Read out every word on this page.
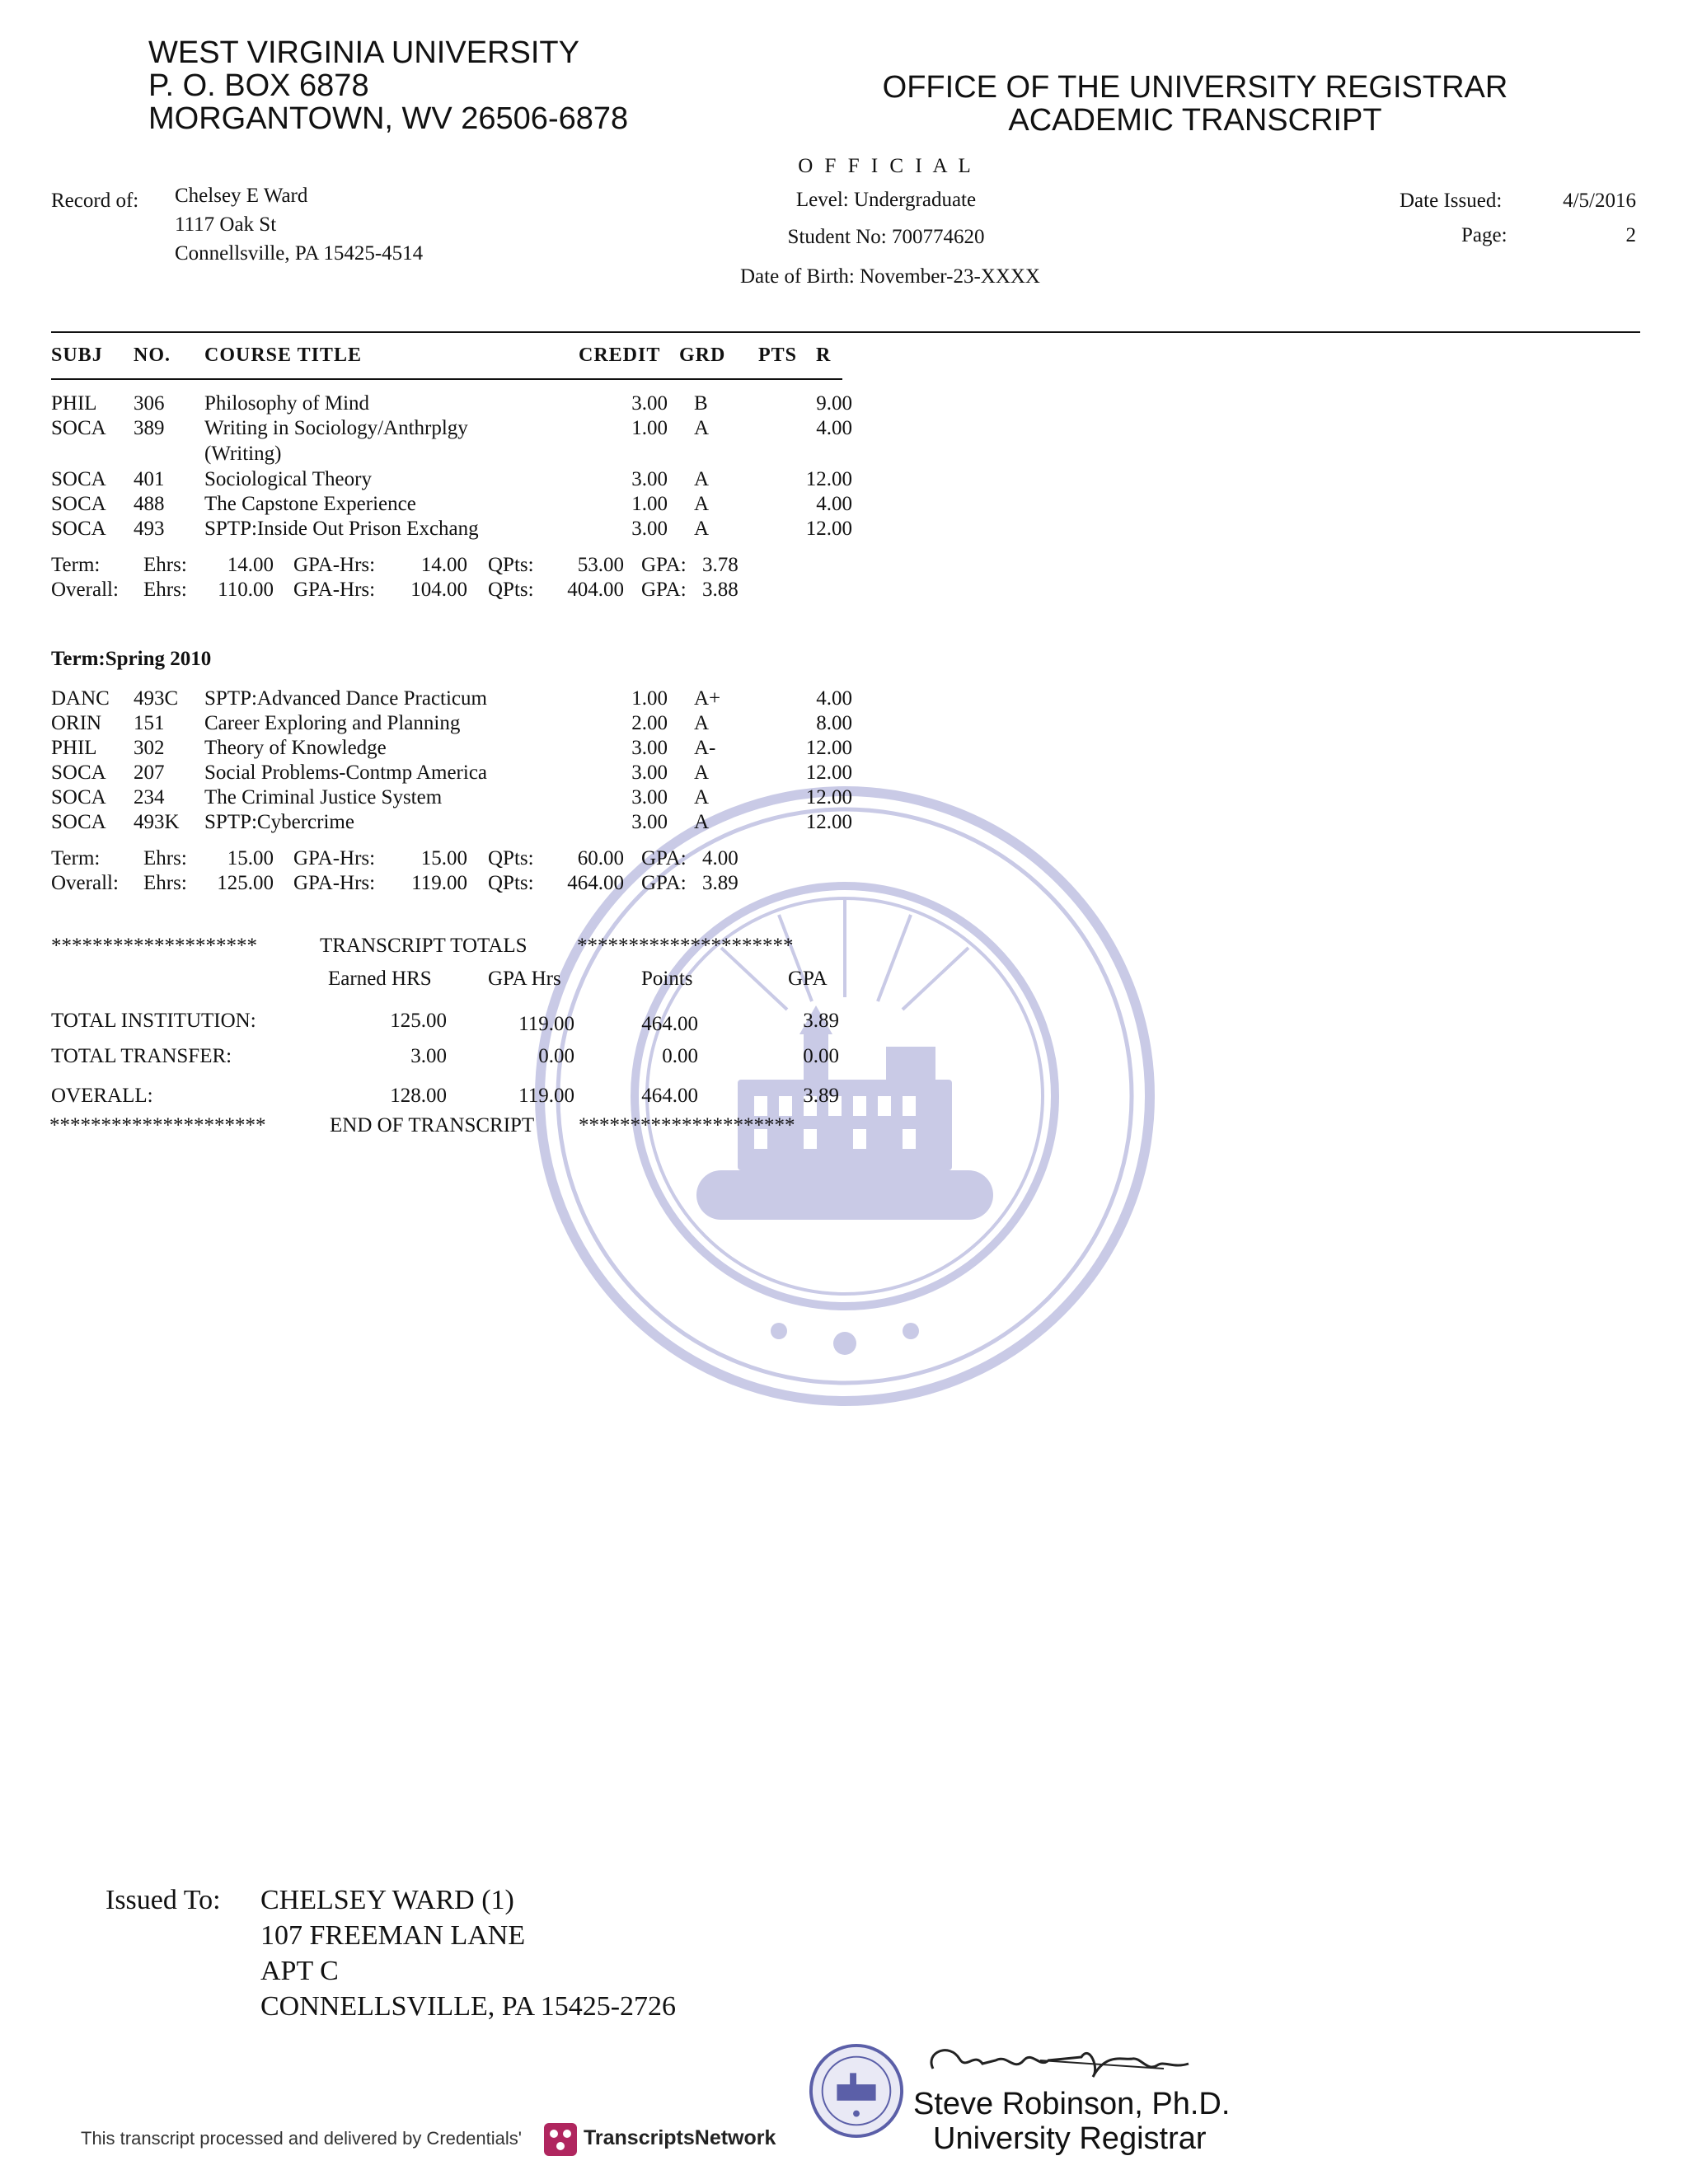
WEST VIRGINIA UNIVERSITY
P. O. BOX 6878
MORGANTOWN, WV 26506-6878
OFFICE OF THE UNIVERSITY REGISTRAR
ACADEMIC TRANSCRIPT
O F F I C I A L
Level: Undergraduate
Student No: 700774620
Date of Birth: November-23-XXXX
Record of: Chelsey E Ward
1117 Oak St
Connellsville, PA 15425-4514
Date Issued:	4/5/2016
Page:	2
SUBJ NO. COURSE TITLE	CREDIT GRD PTS R
PHIL 306 Philosophy of Mind	3.00 B	9.00
SOCA 389 Writing in Sociology/Anthrplgy	1.00 A	4.00
(Writing)
SOCA 401 Sociological Theory	3.00 A	12.00
SOCA 488 The Capstone Experience	1.00 A	4.00
SOCA 493 SPTP:Inside Out Prison Exchang	3.00 A	12.00
Term: Ehrs:	14.00 GPA-Hrs:	14.00 QPts:	53.00 GPA: 3.78
Overall: Ehrs:	110.00 GPA-Hrs:	104.00 QPts:	404.00 GPA: 3.88
Term:Spring 2010
DANC 493C SPTP:Advanced Dance Practicum	1.00 A+	4.00
ORIN 151 Career Exploring and Planning	2.00 A	8.00
PHIL 302 Theory of Knowledge	3.00 A-	12.00
SOCA 207 Social Problems-Contmp America	3.00 A	12.00
SOCA 234 The Criminal Justice System	3.00 A	12.00
SOCA 493K SPTP:Cybercrime	3.00 A	12.00
Term: Ehrs:	15.00 GPA-Hrs:	15.00 QPts:	60.00 GPA: 4.00
Overall: Ehrs:	125.00 GPA-Hrs:	119.00 QPts:	464.00 GPA: 3.89
********************	TRANSCRIPT TOTALS *********************
Earned HRS	GPA Hrs	Points	GPA
TOTAL INSTITUTION:	125.00	119.00	464.00	3.89
TOTAL TRANSFER:	3.00	0.00	0.00	0.00
OVERALL:	128.00	119.00	464.00	3.89
*********************	END OF TRANSCRIPT *********************
Issued To: CHELSEY WARD (1)
107 FREEMAN LANE
APT C
CONNELLSVILLE, PA 15425-2726
Steve Robinson, Ph.D.
University Registrar
This transcript processed and delivered by Credentials'	TranscriptsNetwork
